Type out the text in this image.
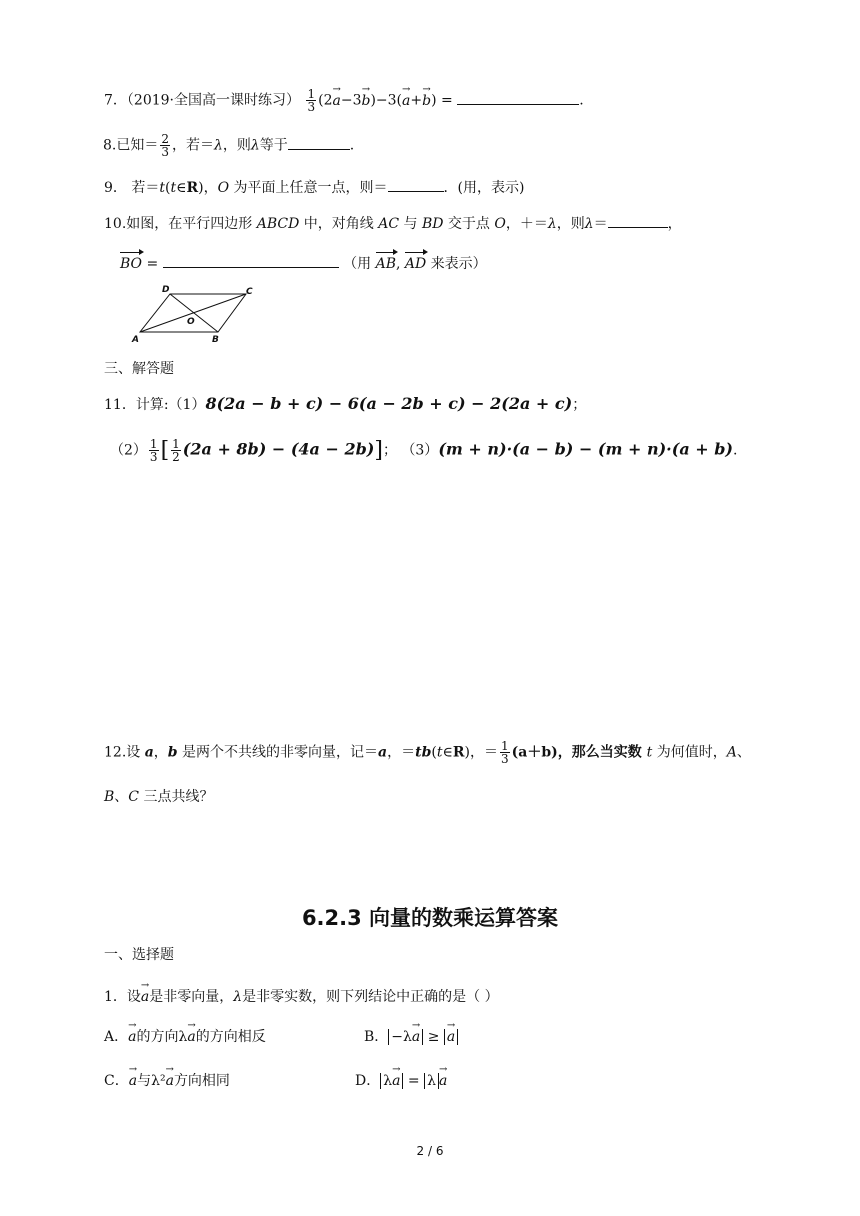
7．（2019·全国高一课时练习） $\frac{1}{3} (2\to a-3\to b)-3(\to a+\to b)$ =	.
8.已知＝ $\frac{2}{3}$ ，若＝λ，则λ等于	.
9． 若＝t(t∈R)，O 为平面上任意一点，则＝	．(用，表示)
10.如图，在平行四边形 ABCD 中，对角线 AC 与 BD 交于点 O，＋＝λ，则λ＝	，
BO =	（用 AB, AD 来表示）
D	C
O
A	B
三、解答题
11．计算:（1）8(2a − b + c) − 6(a − 2b + c) − 2(2a + c)；
$(2) \frac{1}{3}$ [ $\frac{1}{2} (2a + 8b) - (4a - 2b)$]； （3）(m + n)·(a − b) − (m + n)·(a + b).
12.设 a，b 是两个不共线的非零向量，记＝a，＝tb(t∈R)，＝ $\frac{1}{3} (a+b)$，那么当实数 t 为何值时，A、
B、C 三点共线？
6.2.3 向量的数乘运算答案
一、选择题
1．设→ a是非零向量，λ是非零实数，则下列结论中正确的是（ ）
A．→ a的方向λ→ a的方向相反	B． −λ→ a ≥ → a
C．→ a与λ²→ a方向相同	D． λ→ a = λ→ a
2 / 6
